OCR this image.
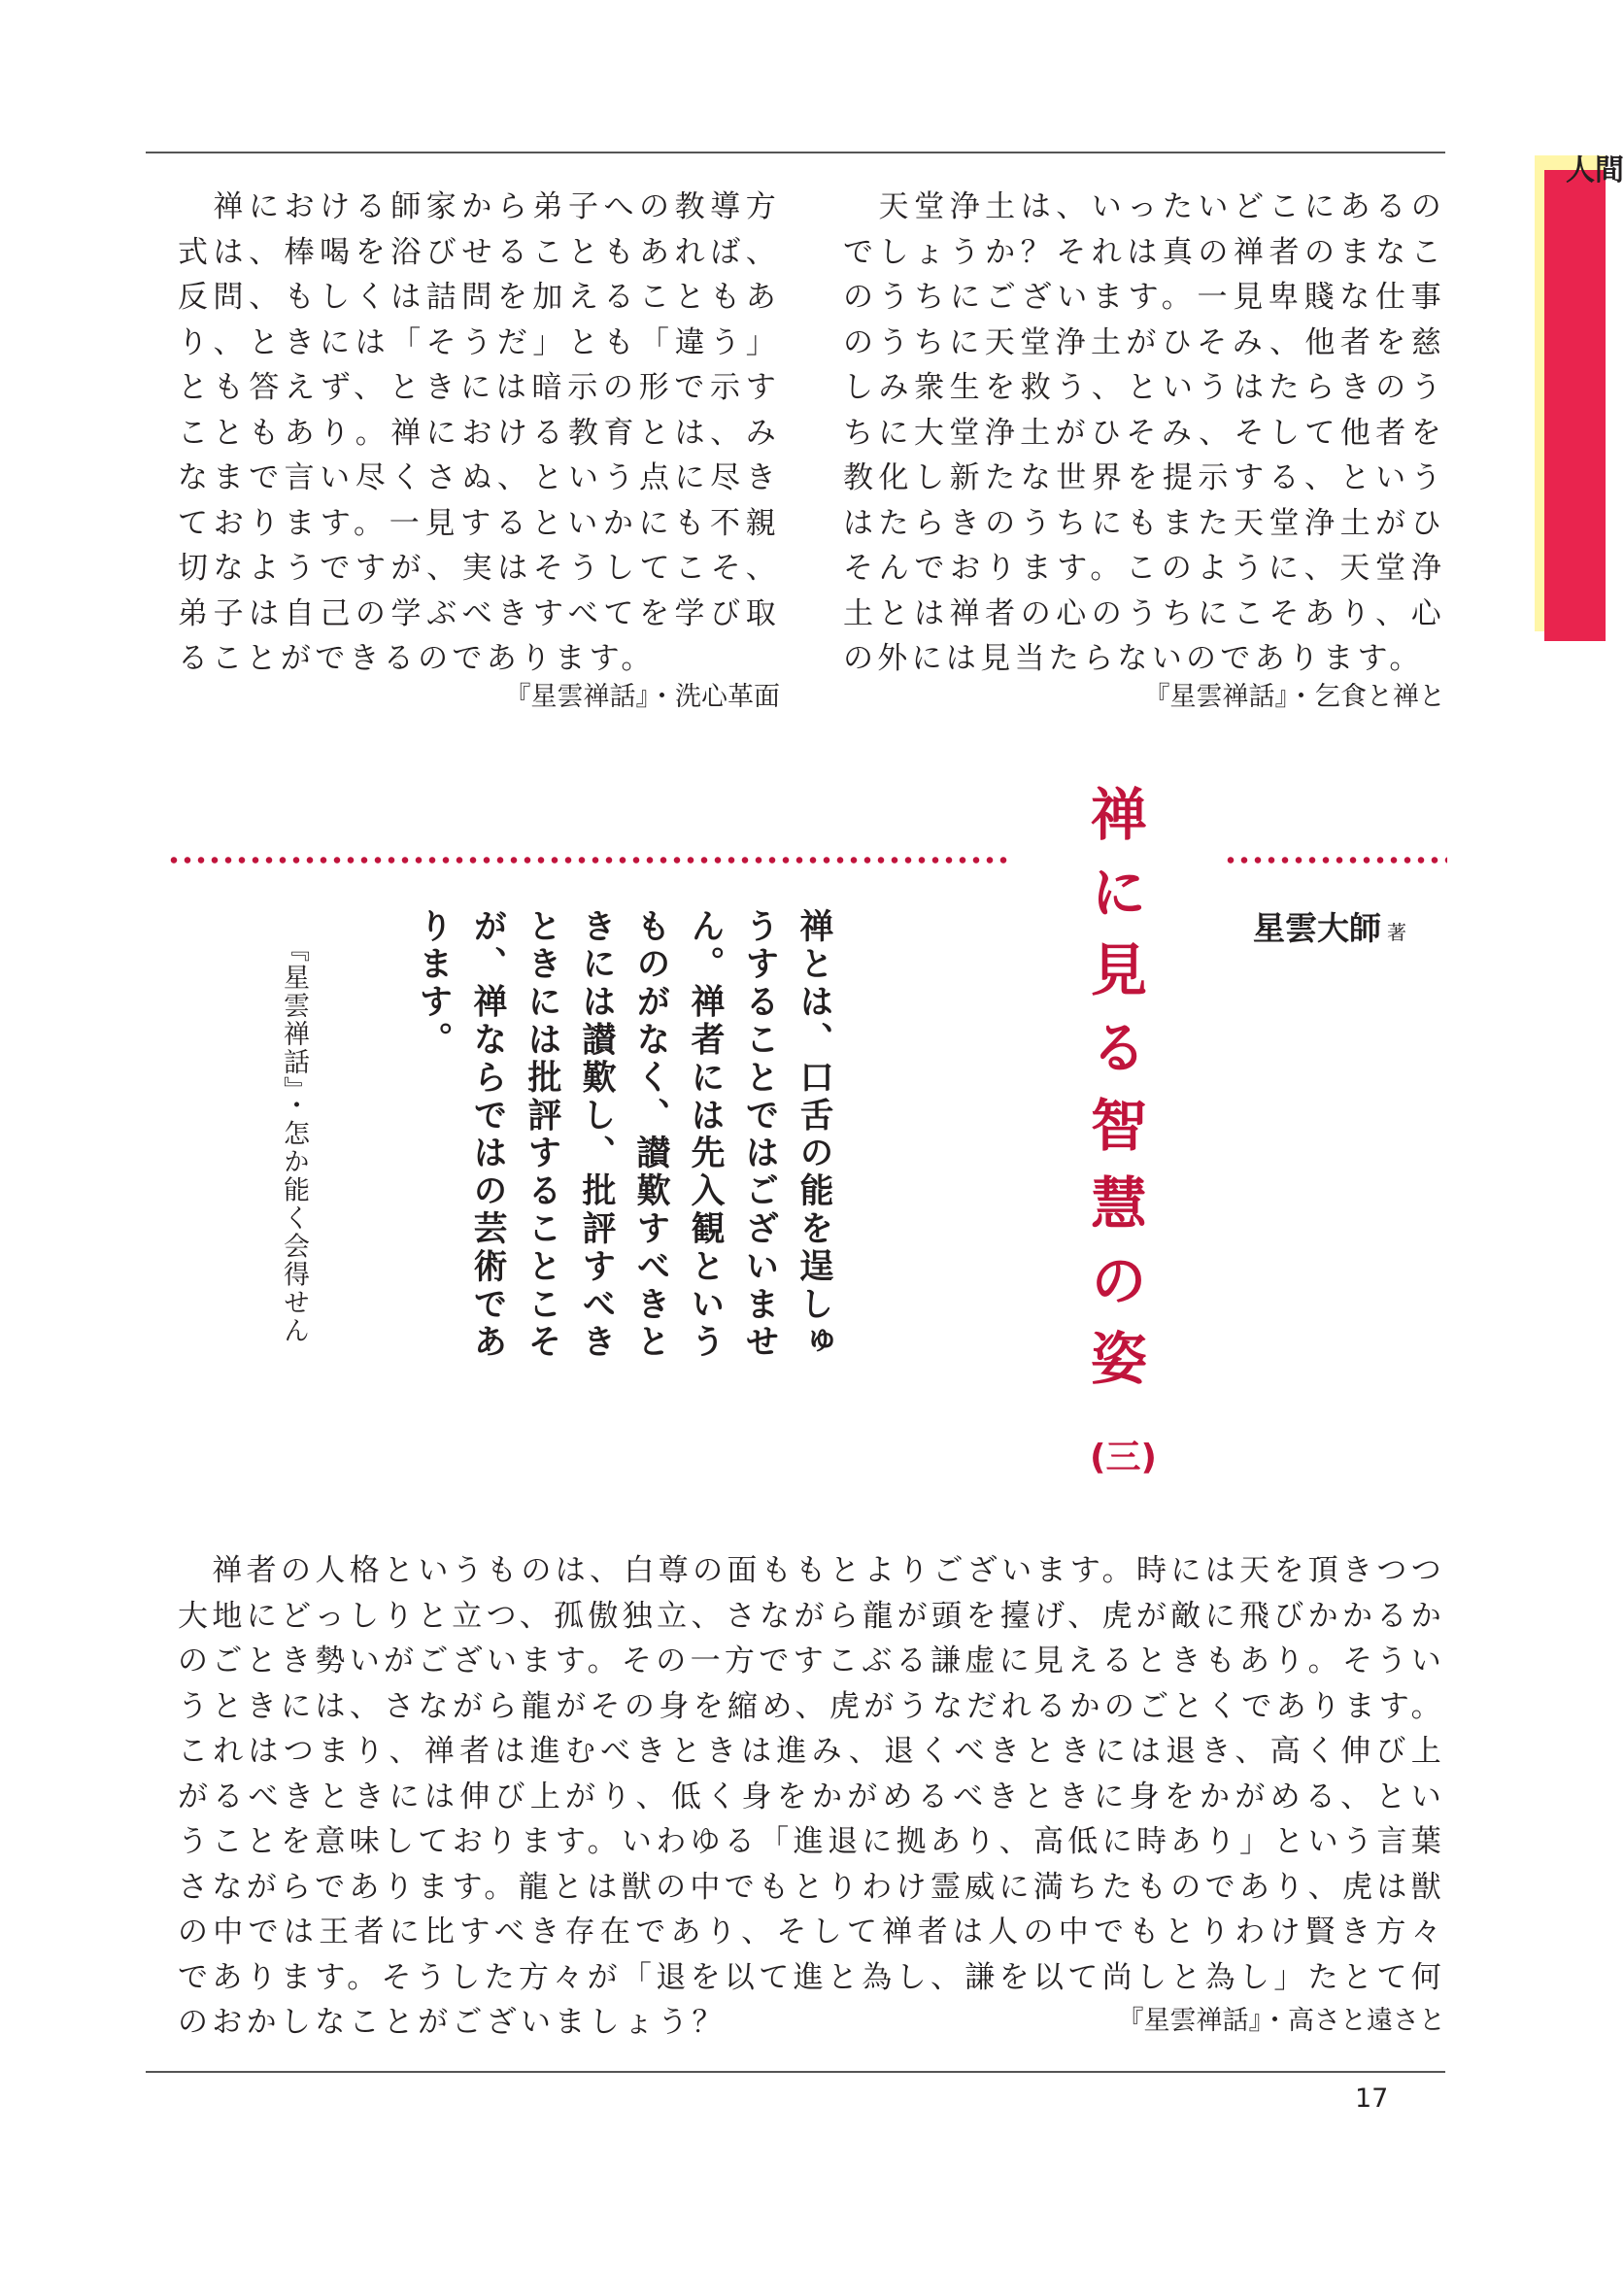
人間

　禅における師家から弟子への教導方式は、棒喝を浴びせることもあれば、反問、もしくは詰問を加えることもあり、ときには「そうだ」とも「違う」とも答えず、ときには暗示の形で示すこともあり。禅における教育とは、みなまで言い尽くさぬ、という点に尽きております。一見するといかにも不親切なようですが、実はそうしてこそ、弟子は自己の学ぶべきすべてを学び取ることができるのであります。

『星雲禅話』・洗心革面

　天堂浄土は、いったいどこにあるのでしょうか？それは真の禅者のまなこのうちにございます。一見卑賤な仕事のうちに天堂浄土がひそみ、他者を慈しみ衆生を救う、というはたらきのうちに大堂浄土がひそみ、そして他者を教化し新たな世界を提示する、というはたらきのうちにもまた天堂浄土がひそんでおります。このように、天堂浄土とは禅者の心のうちにこそあり、心の外には見当たらないのであります。

『星雲禅話』・乞食と禅と

禅に見る智慧の姿
(三)
星雲大師 著

禅とは、口舌の能を逞しゅうすることではございません。禅者には先入観というものがなく、讃歎すべきときには讃歎し、批評すべきときには批評することこそが、禅ならではの芸術であります。

『星雲禅話』・怎か能く会得せん

　禅者の人格というものは、白尊の面ももとよりございます。時には天を頂きつつ大地にどっしりと立つ、孤傲独立、さながら龍が頭を擡げ、虎が敵に飛びかかるかのごとき勢いがございます。その一方ですこぶる謙虚に見えるときもあり。そういうときには、さながら龍がその身を縮め、虎がうなだれるかのごとくであります。これはつまり、禅者は進むべきときは進み、退くべきときには退き、高く伸び上がるべきときには伸び上がり、低く身をかがめるべきときに身をかがめる、ということを意味しております。いわゆる「進退に拠あり、高低に時あり」という言葉さながらであります。龍とは獣の中でもとりわけ霊威に満ちたものであり、虎は獣の中では王者に比すべき存在であり、そして禅者は人の中でもとりわけ賢き方々であります。そうした方々が「退を以て進と為し、謙を以て尚しと為し」たとて何のおかしなことがございましょう？	『星雲禅話』・高さと遠さと

17
